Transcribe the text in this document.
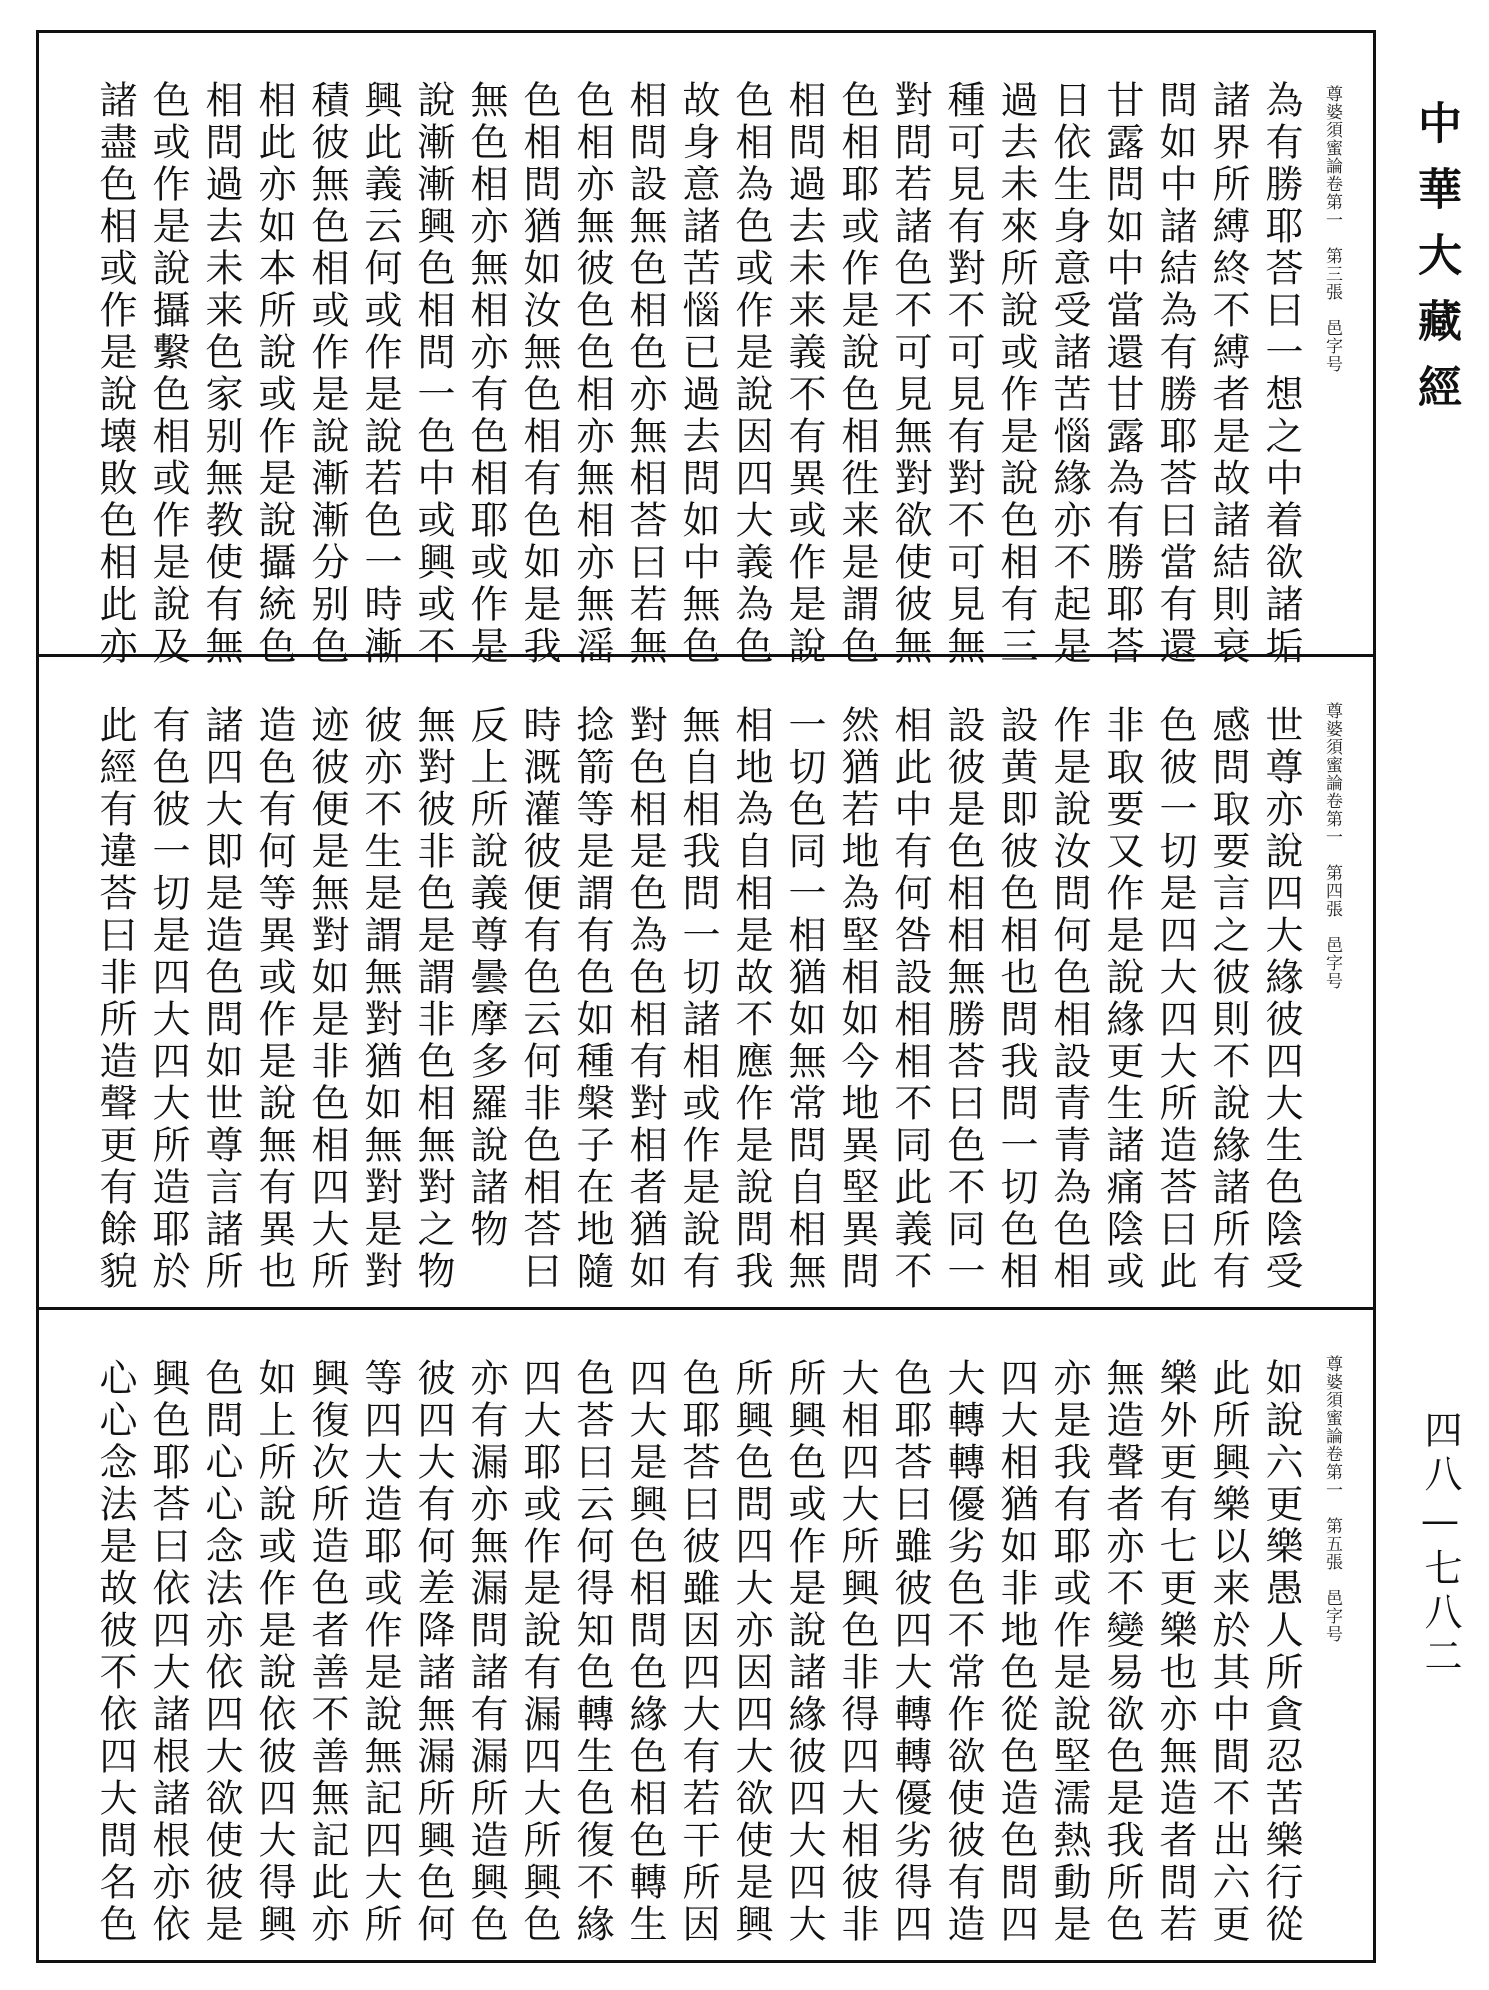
為有勝耶荅曰一想之中着欲諸垢
諸界所縛終不縛者是故諸結則衰
問如中諸結為有勝耶荅曰當有還
甘露問如中當還甘露為有勝耶荅
日依生身意受諸苦惱緣亦不起是
過去未來所說或作是說色相有三
種可見有對不可見有對不可見無
對問若諸色不可見無對欲使彼無
色相耶或作是說色相徃来是謂色
相問過去未来義不有異或作是說
色相為色或作是說因四大義為色
故身意諸苦惱已過去問如中無色
相問設無色相色亦無相荅曰若無
色相亦無彼色色相亦無相亦無滛
色相問猶如汝無色相有色如是我
無色相亦無相亦有色相耶或作是
說漸漸興色相問一色中或興或不
興此義云何或作是說若色一時漸
積彼無色相或作是說漸漸分别色
相此亦如本所說或作是說攝統色
相問過去未来色家别無教使有無
色或作是說攝繫色相或作是說及
諸盡色相或作是說壊敗色相此亦	尊婆須蜜論卷第一　第三張　邑字号
世尊亦說四大緣彼四大生色陰受
感問取要言之彼則不說緣諸所有
色彼一切是四大四大所造荅曰此
非取要又作是說緣更生諸痛陰或
作是說汝問何色相設青青為色相
設黄即彼色相也問我問一切色相
設彼是色相相無勝荅曰色不同一
相此中有何咎設相相不同此義不
然猶若地為堅相如今地異堅異問
一切色同一相猶如無常問自相無
相地為自相是故不應作是說問我
無自相我問一切諸相或作是說有
對色相是色為色相有對相者猶如
捻箭等是謂有色如種槃子在地隨
時溉灌彼便有色云何非色相荅曰
反上所說義尊曇摩多羅說諸物
無對彼非色是謂非色相無對之物
彼亦不生是謂無對猶如無對是對
迹彼便是無對如是非色相四大所
造色有何等異或作是說無有異也
諸四大即是造色問如世尊言諸所
有色彼一切是四大四大所造耶於
此經有違荅曰非所造聲更有餘貌	尊婆須蜜論卷第一　第四張　邑字号
如說六更樂愚人所貪忍苦樂行從
此所興樂以来於其中間不出六更
樂外更有七更樂也亦無造者問若
無造聲者亦不變易欲色是我所色
亦是我有耶或作是說堅濡熱動是
四大相猶如非地色從色造色問四
大轉轉優劣色不常作欲使彼有造
色耶荅曰雖彼四大轉轉優劣得四
大相四大所興色非得四大相彼非
所興色或作是說諸緣彼四大四大
所興色問四大亦因四大欲使是興
色耶荅曰彼雖因四大有若干所因
四大是興色相問色緣色相色轉生
色荅曰云何得知色轉生色復不緣
四大耶或作是說有漏四大所興色
亦有漏亦無漏問諸有漏所造興色
彼四大有何差降諸無漏所興色何
等四大造耶或作是說無記四大所
興復次所造色者善不善無記此亦
如上所說或作是說依彼四大得興
色問心心念法亦依四大欲使彼是
興色耶荅曰依四大諸根諸根亦依
心心念法是故彼不依四大問名色	尊婆須蜜論卷第一　第五張　邑字号
中華大藏經
四八—七八二
